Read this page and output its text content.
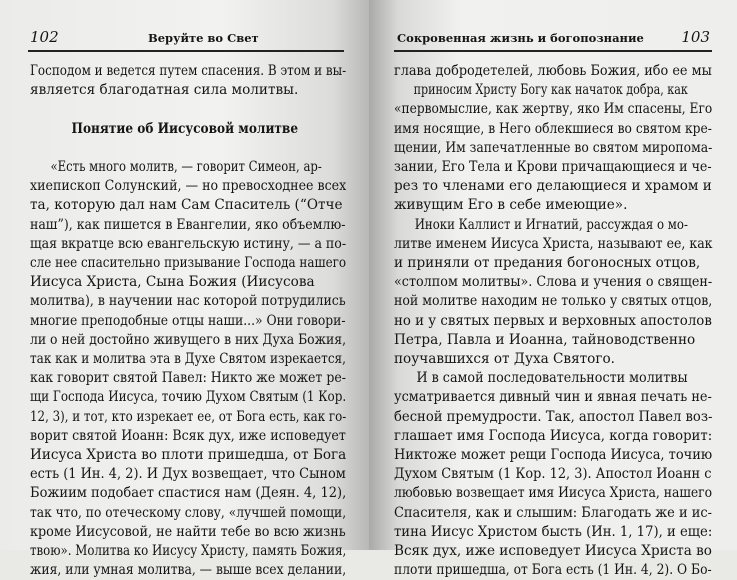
102	Веруйте во Свет
Господом и ведется путем спасения. В этом и вы-
является благодатная сила молитвы.

Понятие об Иисусовой молитве

«Есть много молитв, — говорит Симеон, ар-
хиепископ Солунский, — но превосходнее всех
та, которую дал нам Сам Спаситель (“Отче
наш”), как пишется в Евангелии, яко объемлю-
щая вкратце всю евангельскую истину, — а по-
сле нее спасительно призывание Господа нашего
Иисуса Христа, Сына Божия (Иисусова
молитва), в научении нас которой потрудились
многие преподобные отцы наши...» Они говори-
ли о ней достойно живущего в них Духа Божия,
так как и молитва эта в Духе Святом изрекается,
как говорит святой Павел: Никто же может ре-
щи Господа Иисуса, точию Духом Святым (1 Кор.
12, 3), и тот, кто изрекает ее, от Бога есть, как го-
ворит святой Иоанн: Всяк дух, иже исповедует
Иисуса Христа во плоти пришедша, от Бога
есть (1 Ин. 4, 2). И Дух возвещает, что Сыном
Божиим подобает спастися нам (Деян. 4, 12),
так что, по отеческому слову, «лучшей помощи,
кроме Иисусовой, не найти тебе во всю жизнь
твою». Молитва ко Иисусу Христу, память Божия,
жия, или умная молитва, — выше всех делании,
Сокровенная жизнь и богопознание	103
глава добродетелей, любовь Божия, ибо ее мы
приносим Христу Богу как начаток добра, как
«первомыслие, как жертву, яко Им спасены, Его
имя носящие, в Него облекшиеся во святом кре-
щении, Им запечатленные во святом миропома-
зании, Его Тела и Крови причащающиеся и че-
рез то членами его делающиеся и храмом и
живущим Его в себе имеющие».
Иноки Каллист и Игнатий, рассуждая о мо-
литве именем Иисуса Христа, называют ее, как
и приняли от предания богоносных отцов,
«столпом молитвы». Слова и учения о священ-
ной молитве находим не только у святых отцов,
но и у святых первых и верховных апостолов
Петра, Павла и Иоанна, тайноводственно
поучавшихся от Духа Святого.
И в самой последовательности молитвы
усматривается дивный чин и явная печать не-
бесной премудрости. Так, апостол Павел воз-
глашает имя Господа Иисуса, когда говорит:
Никтоже может рещи Господа Иисуса, точию
Духом Святым (1 Кор. 12, 3). Апостол Иоанн с
любовью возвещает имя Иисуса Христа, нашего
Спасителя, как и слышим: Благодать же и ис-
тина Иисус Христом бысть (Ин. 1, 17), и еще:
Всяк дух, иже исповедует Иисуса Христа во
плоти пришедша, от Бога есть (1 Ин. 4, 2). О Бо-
